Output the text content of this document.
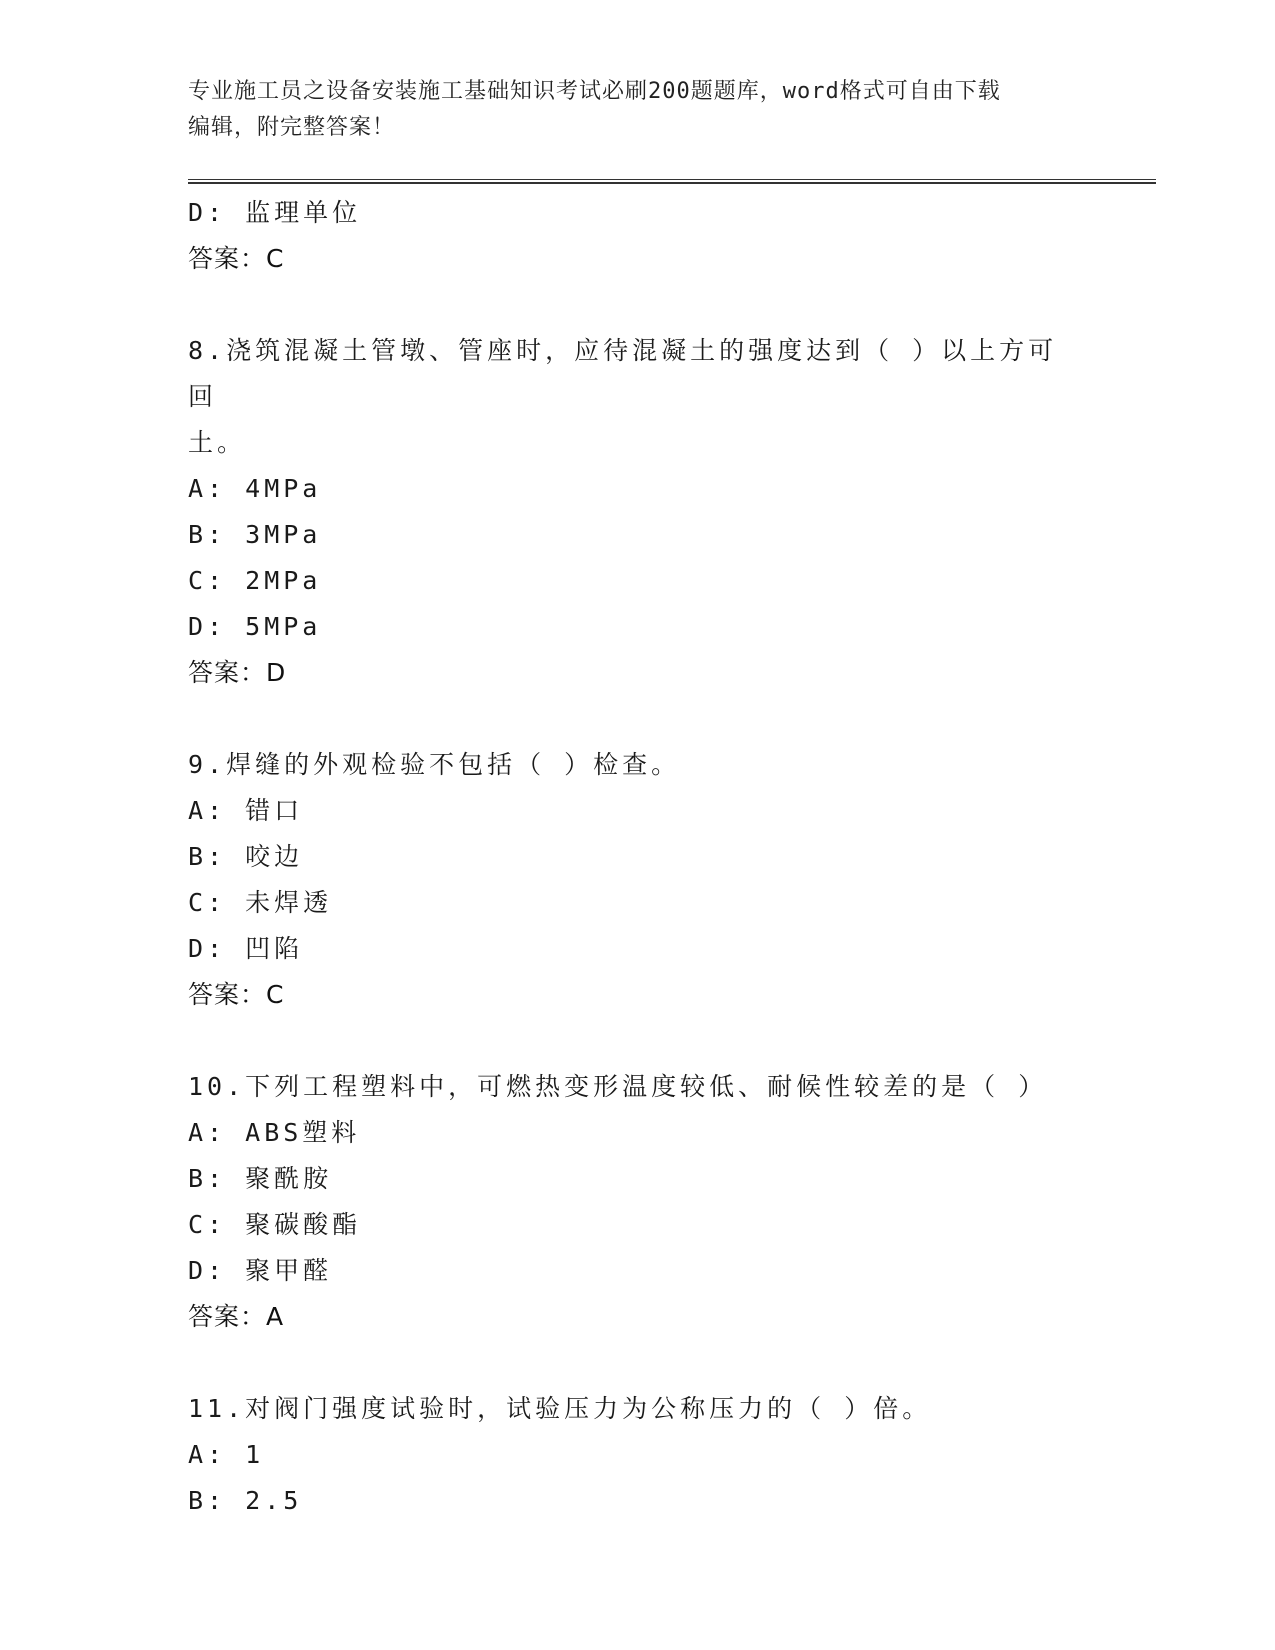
专业施工员之设备安装施工基础知识考试必刷200题题库，word格式可自由下载
编辑，附完整答案！
D: 监理单位
答案：C
8.浇筑混凝土管墩、管座时，应待混凝土的强度达到（ ）以上方可回
土。
A: 4MPa
B: 3MPa
C: 2MPa
D: 5MPa
答案：D
9.焊缝的外观检验不包括（ ）检查。
A: 错口
B: 咬边
C: 未焊透
D: 凹陷
答案：C
10.下列工程塑料中，可燃热变形温度较低、耐候性较差的是（ ）
A: ABS塑料
B: 聚酰胺
C: 聚碳酸酯
D: 聚甲醛
答案：A
11.对阀门强度试验时，试验压力为公称压力的（ ）倍。
A: 1
B: 2.5
